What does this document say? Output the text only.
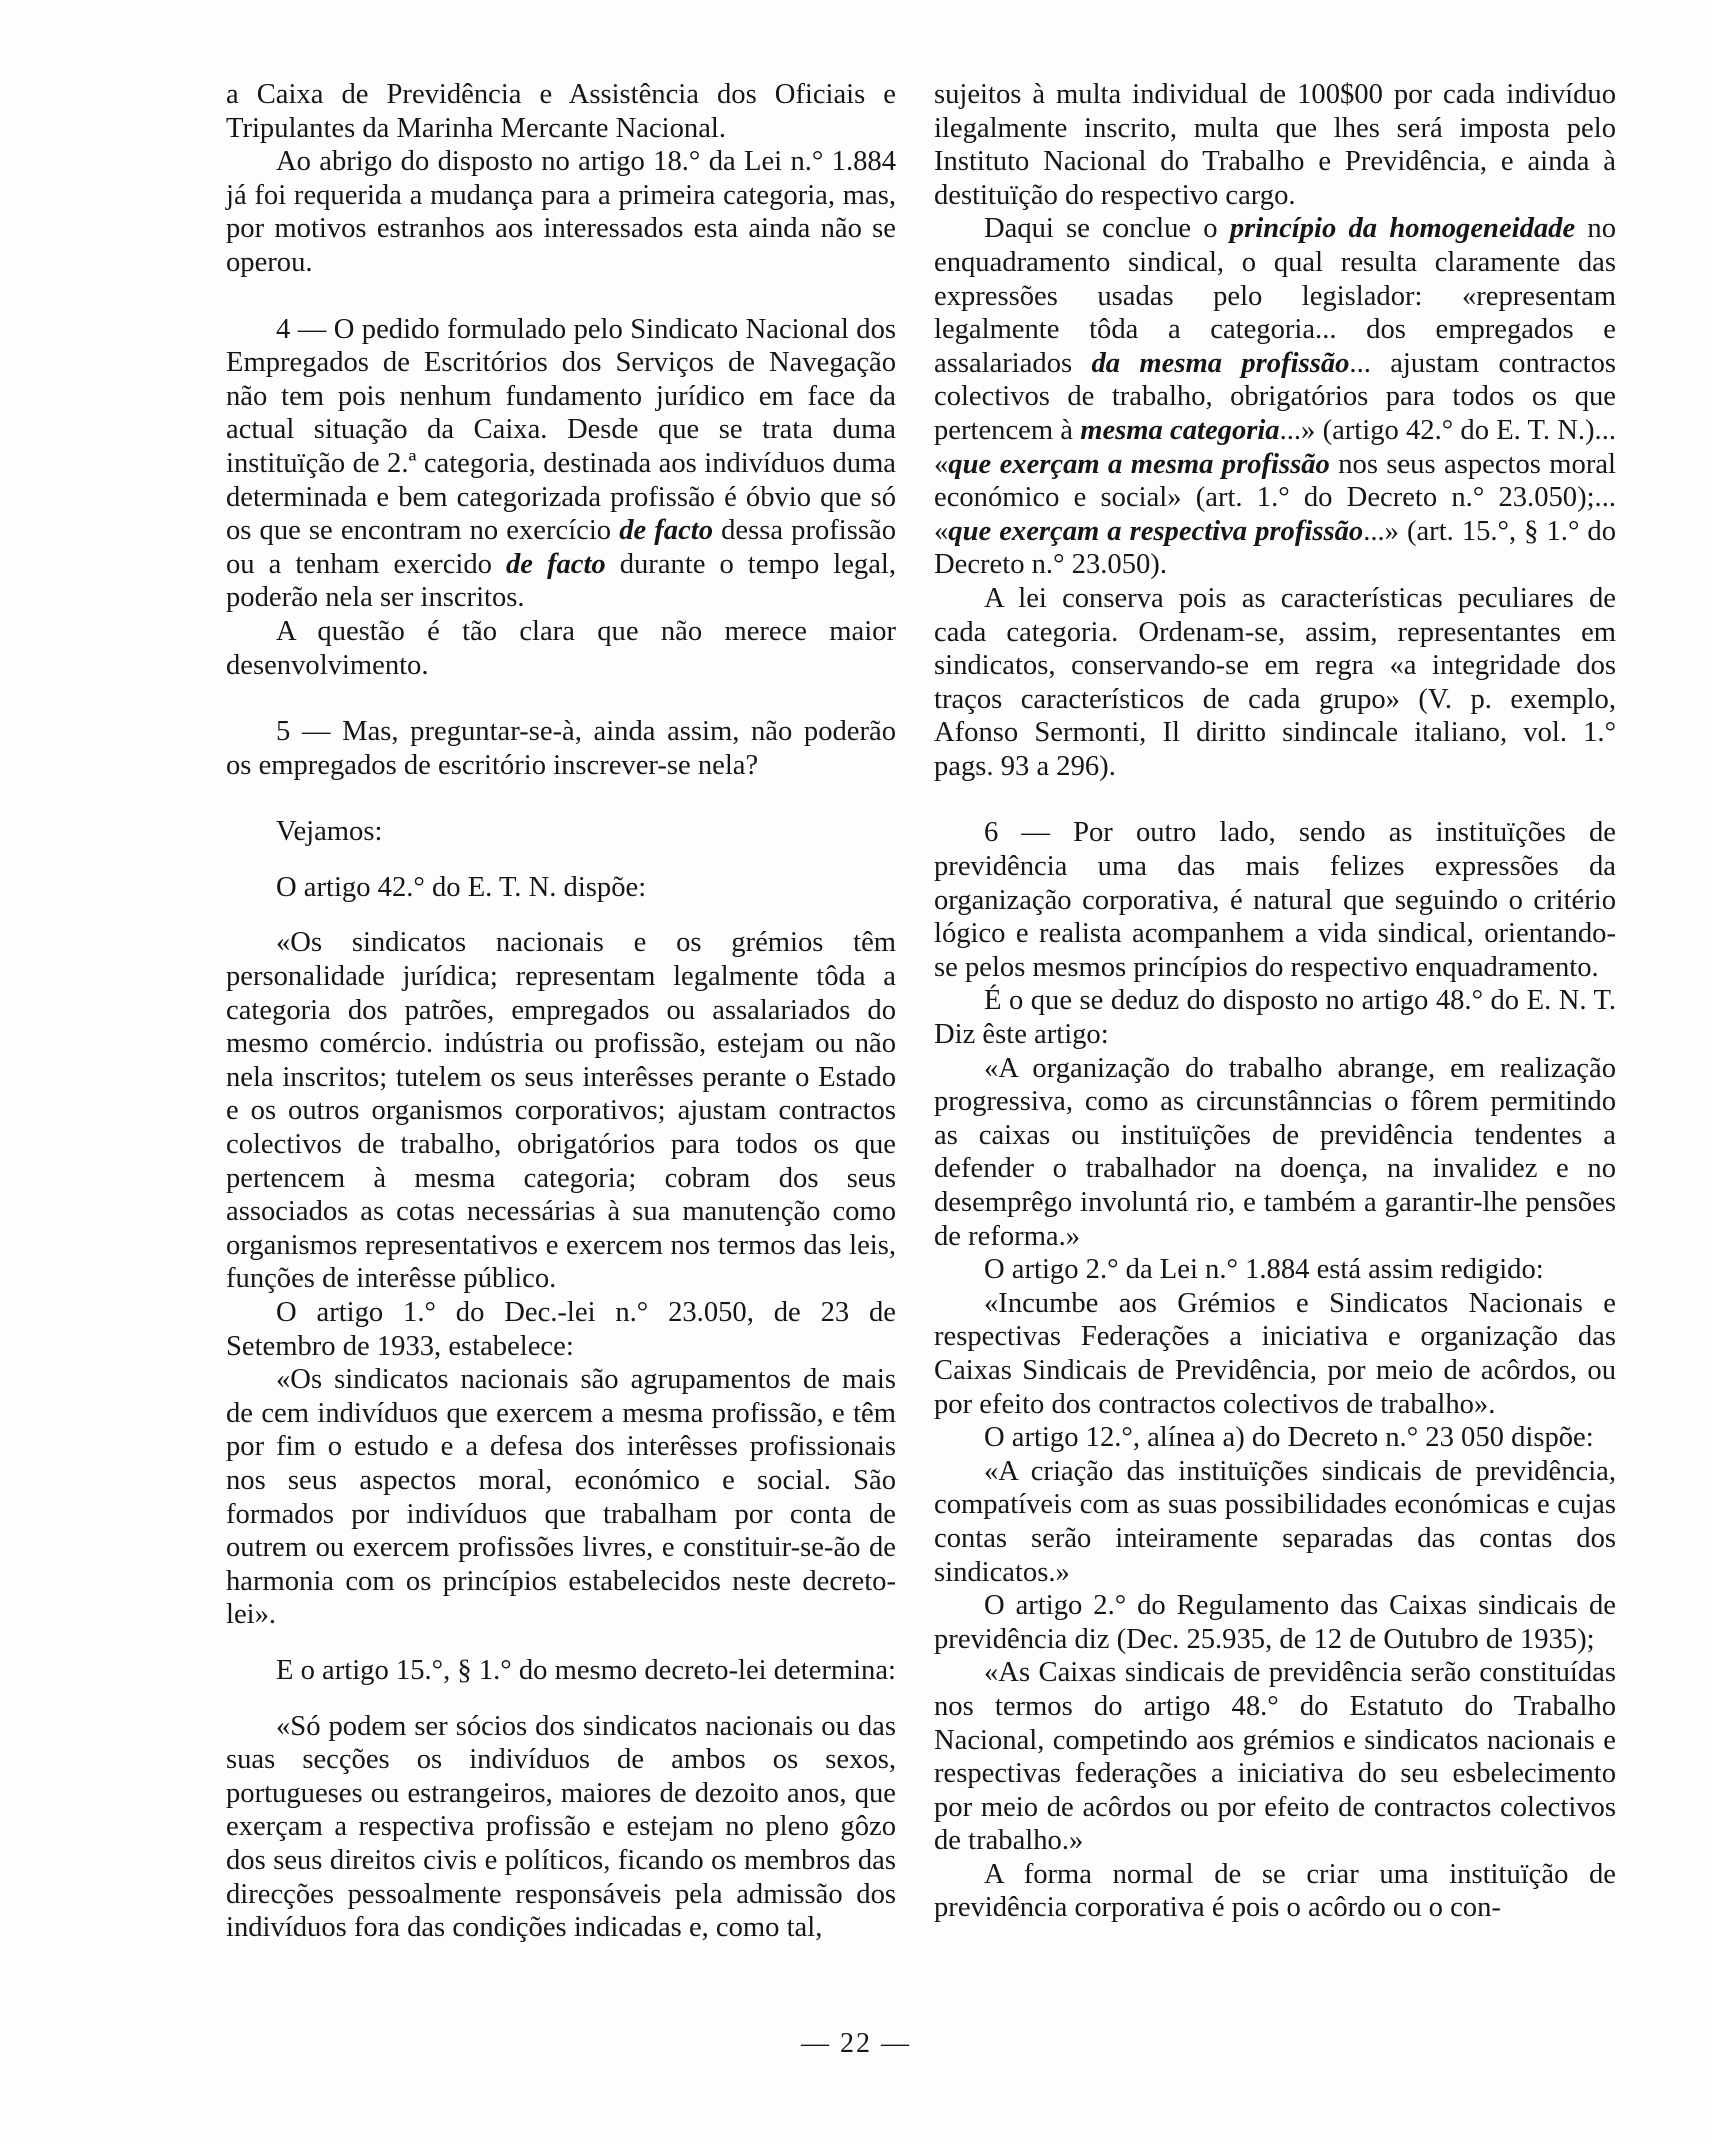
a Caixa de Previdência e Assistência dos Oficiais e Tripulantes da Marinha Mercante Nacional.

Ao abrigo do disposto no artigo 18.° da Lei n.° 1.884 já foi requerida a mudança para a primeira categoria, mas, por motivos estranhos aos interessados esta ainda não se operou.

4 — O pedido formulado pelo Sindicato Nacional dos Empregados de Escritórios dos Serviços de Navegação não tem pois nenhum fundamento jurídico em face da actual situação da Caixa. Desde que se trata duma instituïção de 2.ª categoria, destinada aos indivíduos duma determinada e bem categorizada profissão é óbvio que só os que se encontram no exercício de facto dessa profissão ou a tenham exercido de facto durante o tempo legal, poderão nela ser inscritos.

A questão é tão clara que não merece maior desenvolvimento.

5 — Mas, preguntar-se-à, ainda assim, não poderão os empregados de escritório inscrever-se nela?

Vejamos:

O artigo 42.° do E. T. N. dispõe:

«Os sindicatos nacionais e os grémios têm personalidade jurídica; representam legalmente tôda a categoria dos patrões, empregados ou assalariados do mesmo comércio. indústria ou profissão, estejam ou não nela inscritos; tutelem os seus interêsses perante o Estado e os outros organismos corporativos; ajustam contractos colectivos de trabalho, obrigatórios para todos os que pertencem à mesma categoria; cobram dos seus associados as cotas necessárias à sua manutenção como organismos representativos e exercem nos termos das leis, funções de interêsse público.

O artigo 1.° do Dec.-lei n.° 23.050, de 23 de Setembro de 1933, estabelece:

«Os sindicatos nacionais são agrupamentos de mais de cem indivíduos que exercem a mesma profissão, e têm por fim o estudo e a defesa dos interêsses profissionais nos seus aspectos moral, económico e social. São formados por indivíduos que trabalham por conta de outrem ou exercem profissões livres, e constituir-se-ão de harmonia com os princípios estabelecidos neste decreto-lei».

E o artigo 15.°, § 1.° do mesmo decreto-lei determina:

«Só podem ser sócios dos sindicatos nacionais ou das suas secções os indivíduos de ambos os sexos, portugueses ou estrangeiros, maiores de dezoito anos, que exerçam a respectiva profissão e estejam no pleno gôzo dos seus direitos civis e políticos, ficando os membros das direcções pessoalmente responsáveis pela admissão dos indivíduos fora das condições indicadas e, como tal,

sujeitos à multa individual de 100$00 por cada indivíduo ilegalmente inscrito, multa que lhes será imposta pelo Instituto Nacional do Trabalho e Previdência, e ainda à destituïção do respectivo cargo.

Daqui se conclue o princípio da homogeneidade no enquadramento sindical, o qual resulta claramente das expressões usadas pelo legislador: «representam legalmente tôda a categoria... dos empregados e assalariados da mesma profissão... ajustam contractos colectivos de trabalho, obrigatórios para todos os que pertencem à mesma categoria...» (artigo 42.° do E. T. N.)... «que exerçam a mesma profissão nos seus aspectos moral económico e social» (art. 1.° do Decreto n.° 23.050);... «que exerçam a respectiva profissão...» (art. 15.°, § 1.° do Decreto n.° 23.050).

A lei conserva pois as características peculiares de cada categoria. Ordenam-se, assim, representantes em sindicatos, conservando-se em regra «a integridade dos traços característicos de cada grupo» (V. p. exemplo, Afonso Sermonti, Il diritto sindincale italiano, vol. 1.° pags. 93 a 296).

6 — Por outro lado, sendo as instituïções de previdência uma das mais felizes expressões da organização corporativa, é natural que seguindo o critério lógico e realista acompanhem a vida sindical, orientando-se pelos mesmos princípios do respectivo enquadramento.

É o que se deduz do disposto no artigo 48.° do E. N. T. Diz êste artigo:

«A organização do trabalho abrange, em realização progressiva, como as circunstânncias o fôrem permitindo as caixas ou instituïções de previdência tendentes a defender o trabalhador na doença, na invalidez e no desemprêgo involuntá rio, e também a garantir-lhe pensões de reforma.»

O artigo 2.° da Lei n.° 1.884 está assim redigido:

«Incumbe aos Grémios e Sindicatos Nacionais e respectivas Federações a iniciativa e organização das Caixas Sindicais de Previdência, por meio de acôrdos, ou por efeito dos contractos colectivos de trabalho».

O artigo 12.°, alínea a) do Decreto n.° 23 050 dispõe:

«A criação das instituïções sindicais de previdência, compatíveis com as suas possibilidades económicas e cujas contas serão inteiramente separadas das contas dos sindicatos.»

O artigo 2.° do Regulamento das Caixas sindicais de previdência diz (Dec. 25.935, de 12 de Outubro de 1935);

«As Caixas sindicais de previdência serão constituídas nos termos do artigo 48.° do Estatuto do Trabalho Nacional, competindo aos grémios e sindicatos nacionais e respectivas federações a iniciativa do seu esbelecimento por meio de acôrdos ou por efeito de contractos colectivos de trabalho.»

A forma normal de se criar uma instituïção de previdência corporativa é pois o acôrdo ou o con-

— 22 —
